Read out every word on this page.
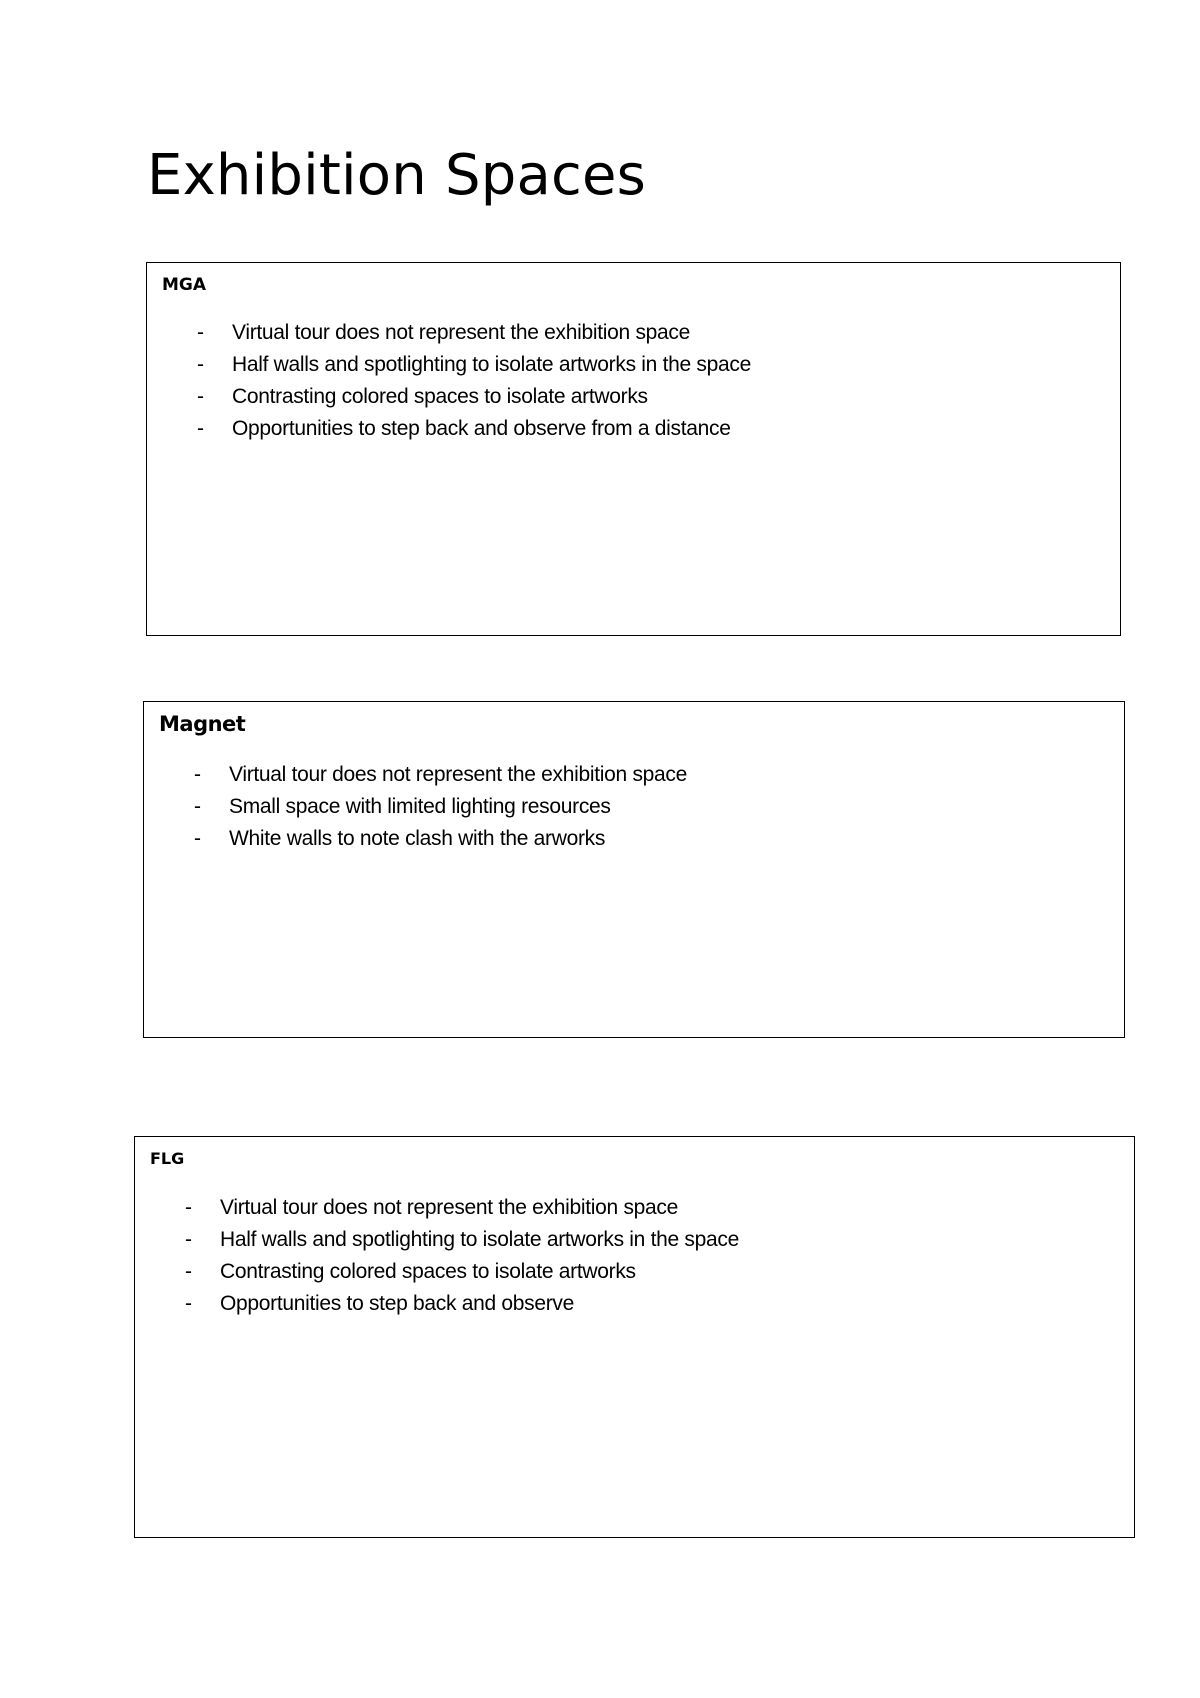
Exhibition Spaces
MGA
- Virtual tour does not represent the exhibition space
- Half walls and spotlighting to isolate artworks in the space
- Contrasting colored spaces to isolate artworks
- Opportunities to step back and observe from a distance
Magnet
- Virtual tour does not represent the exhibition space
- Small space with limited lighting resources
- White walls to note clash with the arworks
FLG
- Virtual tour does not represent the exhibition space
- Half walls and spotlighting to isolate artworks in the space
- Contrasting colored spaces to isolate artworks
- Opportunities to step back and observe
